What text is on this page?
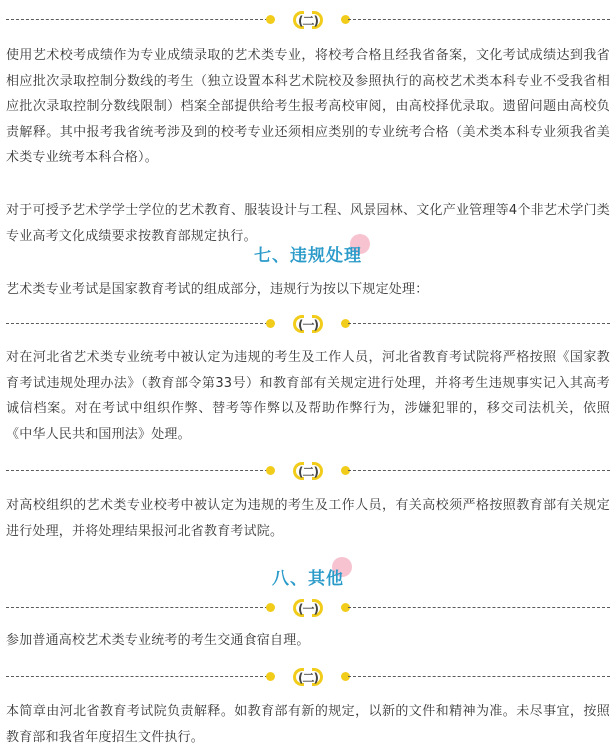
(二)

使用艺术校考成绩作为专业成绩录取的艺术类专业，将校考合格且经我省备案，文化考试成绩达到我省相应批次录取控制分数线的考生（独立设置本科艺术院校及参照执行的高校艺术类本科专业不受我省相应批次录取控制分数线限制）档案全部提供给考生报考高校审阅，由高校择优录取。遗留问题由高校负责解释。其中报考我省统考涉及到的校考专业还须相应类别的专业统考合格（美术类本科专业须我省美术类专业统考本科合格）。

对于可授予艺术学学士学位的艺术教育、服装设计与工程、风景园林、文化产业管理等4个非艺术学门类专业高考文化成绩要求按教育部规定执行。

七、违规处理

艺术类专业考试是国家教育考试的组成部分，违规行为按以下规定处理：

(一)

对在河北省艺术类专业统考中被认定为违规的考生及工作人员，河北省教育考试院将严格按照《国家教育考试违规处理办法》（教育部令第33号）和教育部有关规定进行处理，并将考生违规事实记入其高考诚信档案。对在考试中组织作弊、替考等作弊以及帮助作弊行为，涉嫌犯罪的，移交司法机关，依照《中华人民共和国刑法》处理。

(二)

对高校组织的艺术类专业校考中被认定为违规的考生及工作人员，有关高校须严格按照教育部有关规定进行处理，并将处理结果报河北省教育考试院。

八、其他
(一)

参加普通高校艺术类专业统考的考生交通食宿自理。

(二)

本简章由河北省教育考试院负责解释。如教育部有新的规定，以新的文件和精神为准。未尽事宜，按照教育部和我省年度招生文件执行。
